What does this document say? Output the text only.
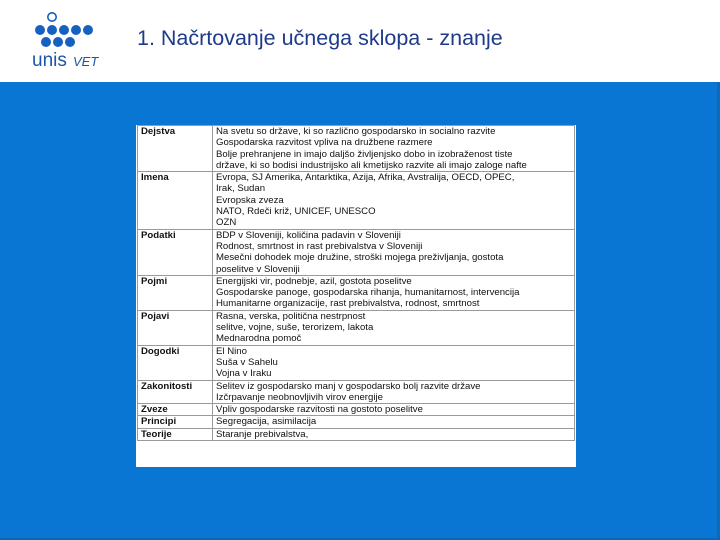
unis VET
1. Načrtovanje učnega sklopa - znanje
Dejstva	Na svetu so države, ki so različno gospodarsko in socialno razvite
Gospodarska razvitost vpliva na družbene razmere
Bolje prehranjene in imajo daljšo življenjsko dobo in izobraženost tiste
države, ki so bodisi industrijsko ali kmetijsko razvite ali imajo zaloge nafte

Imena	Evropa, SJ Amerika, Antarktika, Azija, Afrika, Avstralija, OECD, OPEC,
Irak, Sudan
Evropska zveza
NATO, Rdeči križ, UNICEF, UNESCO
OZN

Podatki	BDP v Sloveniji, količina padavin v Sloveniji
Rodnost, smrtnost in rast prebivalstva v Sloveniji
Mesečni dohodek moje družine, stroški mojega preživljanja, gostota
poselitve v Sloveniji

Pojmi	Energijski vir, podnebje, azil, gostota poselitve
Gospodarske panoge, gospodarska rihanja, humanitarnost, intervencija
Humanitarne organizacije, rast prebivalstva, rodnost, smrtnost

Pojavi	Rasna, verska, politična nestrpnost
selitve, vojne, suše, terorizem, lakota
Mednarodna pomoč

Dogodki	El Nino
Suša v Sahelu
Vojna v Iraku

Zakonitosti	Selitev iz gospodarsko manj v gospodarsko bolj razvite države
Izčrpavanje neobnovljivih virov energije

Zveze	Vpliv gospodarske razvitosti na gostoto poselitve

Principi	Segregacija, asimilacija

Teorije	Staranje prebivalstva,
